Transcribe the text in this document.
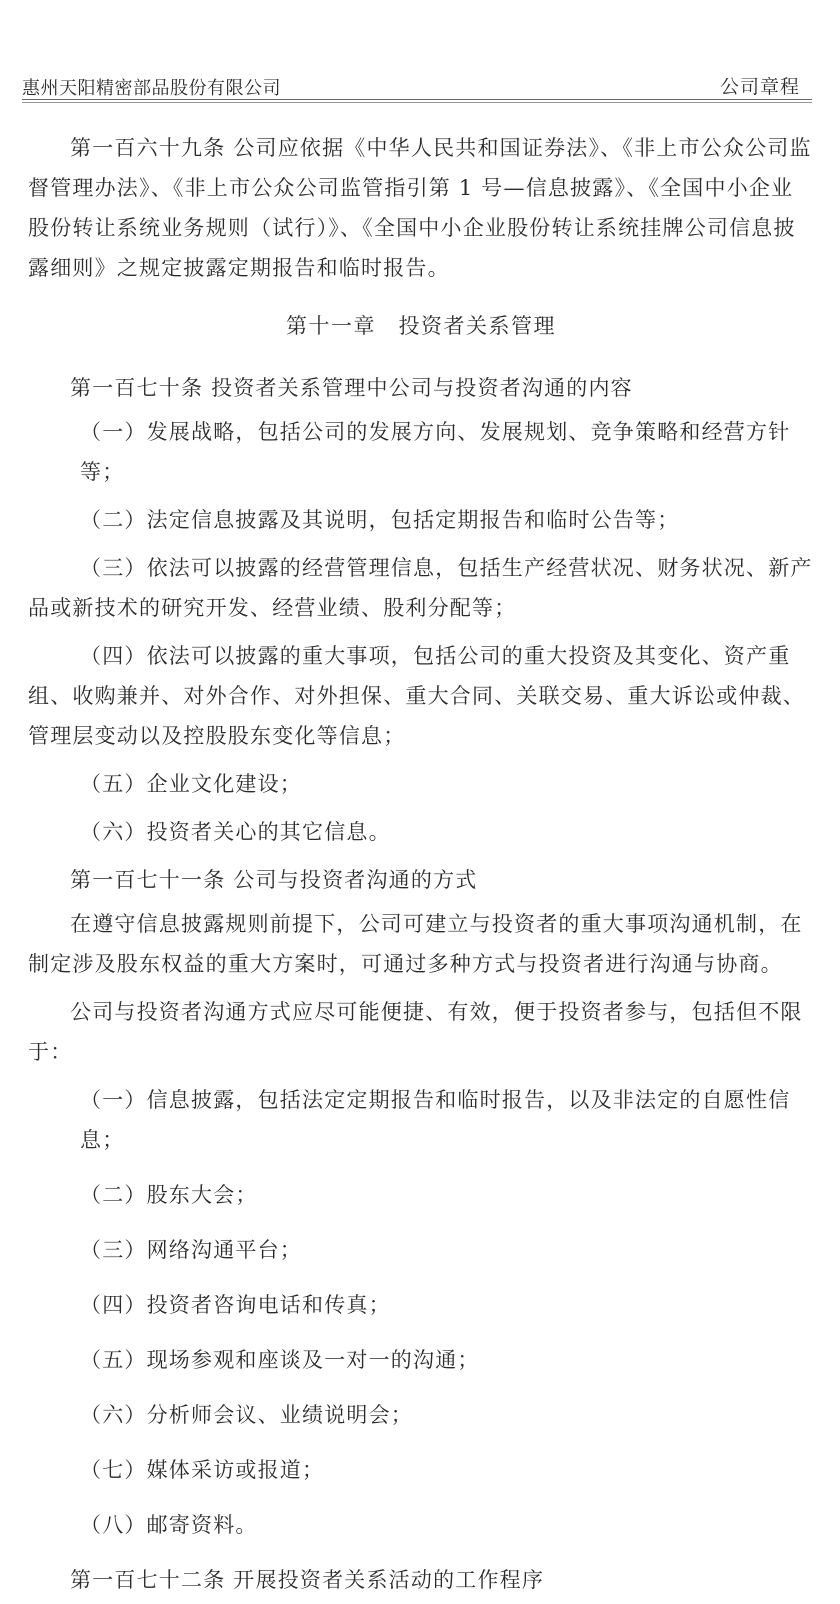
惠州天阳精密部品股份有限公司	公司章程

第一百六十九条 公司应依据《中华人民共和国证券法》、《非上市公众公司监督管理办法》、《非上市公众公司监管指引第 1 号—信息披露》、《全国中小企业股份转让系统业务规则（试行）》、《全国中小企业股份转让系统挂牌公司信息披露细则》之规定披露定期报告和临时报告。

第十一章　投资者关系管理
第一百七十条 投资者关系管理中公司与投资者沟通的内容

（一）发展战略，包括公司的发展方向、发展规划、竞争策略和经营方针等；

（二）法定信息披露及其说明，包括定期报告和临时公告等；

（三）依法可以披露的经营管理信息，包括生产经营状况、财务状况、新产品或新技术的研究开发、经营业绩、股利分配等；

（四）依法可以披露的重大事项，包括公司的重大投资及其变化、资产重组、收购兼并、对外合作、对外担保、重大合同、关联交易、重大诉讼或仲裁、管理层变动以及控股股东变化等信息；

（五）企业文化建设；

（六）投资者关心的其它信息。

第一百七十一条 公司与投资者沟通的方式

在遵守信息披露规则前提下，公司可建立与投资者的重大事项沟通机制，在制定涉及股东权益的重大方案时，可通过多种方式与投资者进行沟通与协商。

公司与投资者沟通方式应尽可能便捷、有效，便于投资者参与，包括但不限于：

（一）信息披露，包括法定定期报告和临时报告，以及非法定的自愿性信息；

（二）股东大会；

（三）网络沟通平台；

（四）投资者咨询电话和传真；

（五）现场参观和座谈及一对一的沟通；

（六）分析师会议、业绩说明会；

（七）媒体采访或报道；

（八）邮寄资料。

第一百七十二条 开展投资者关系活动的工作程序
